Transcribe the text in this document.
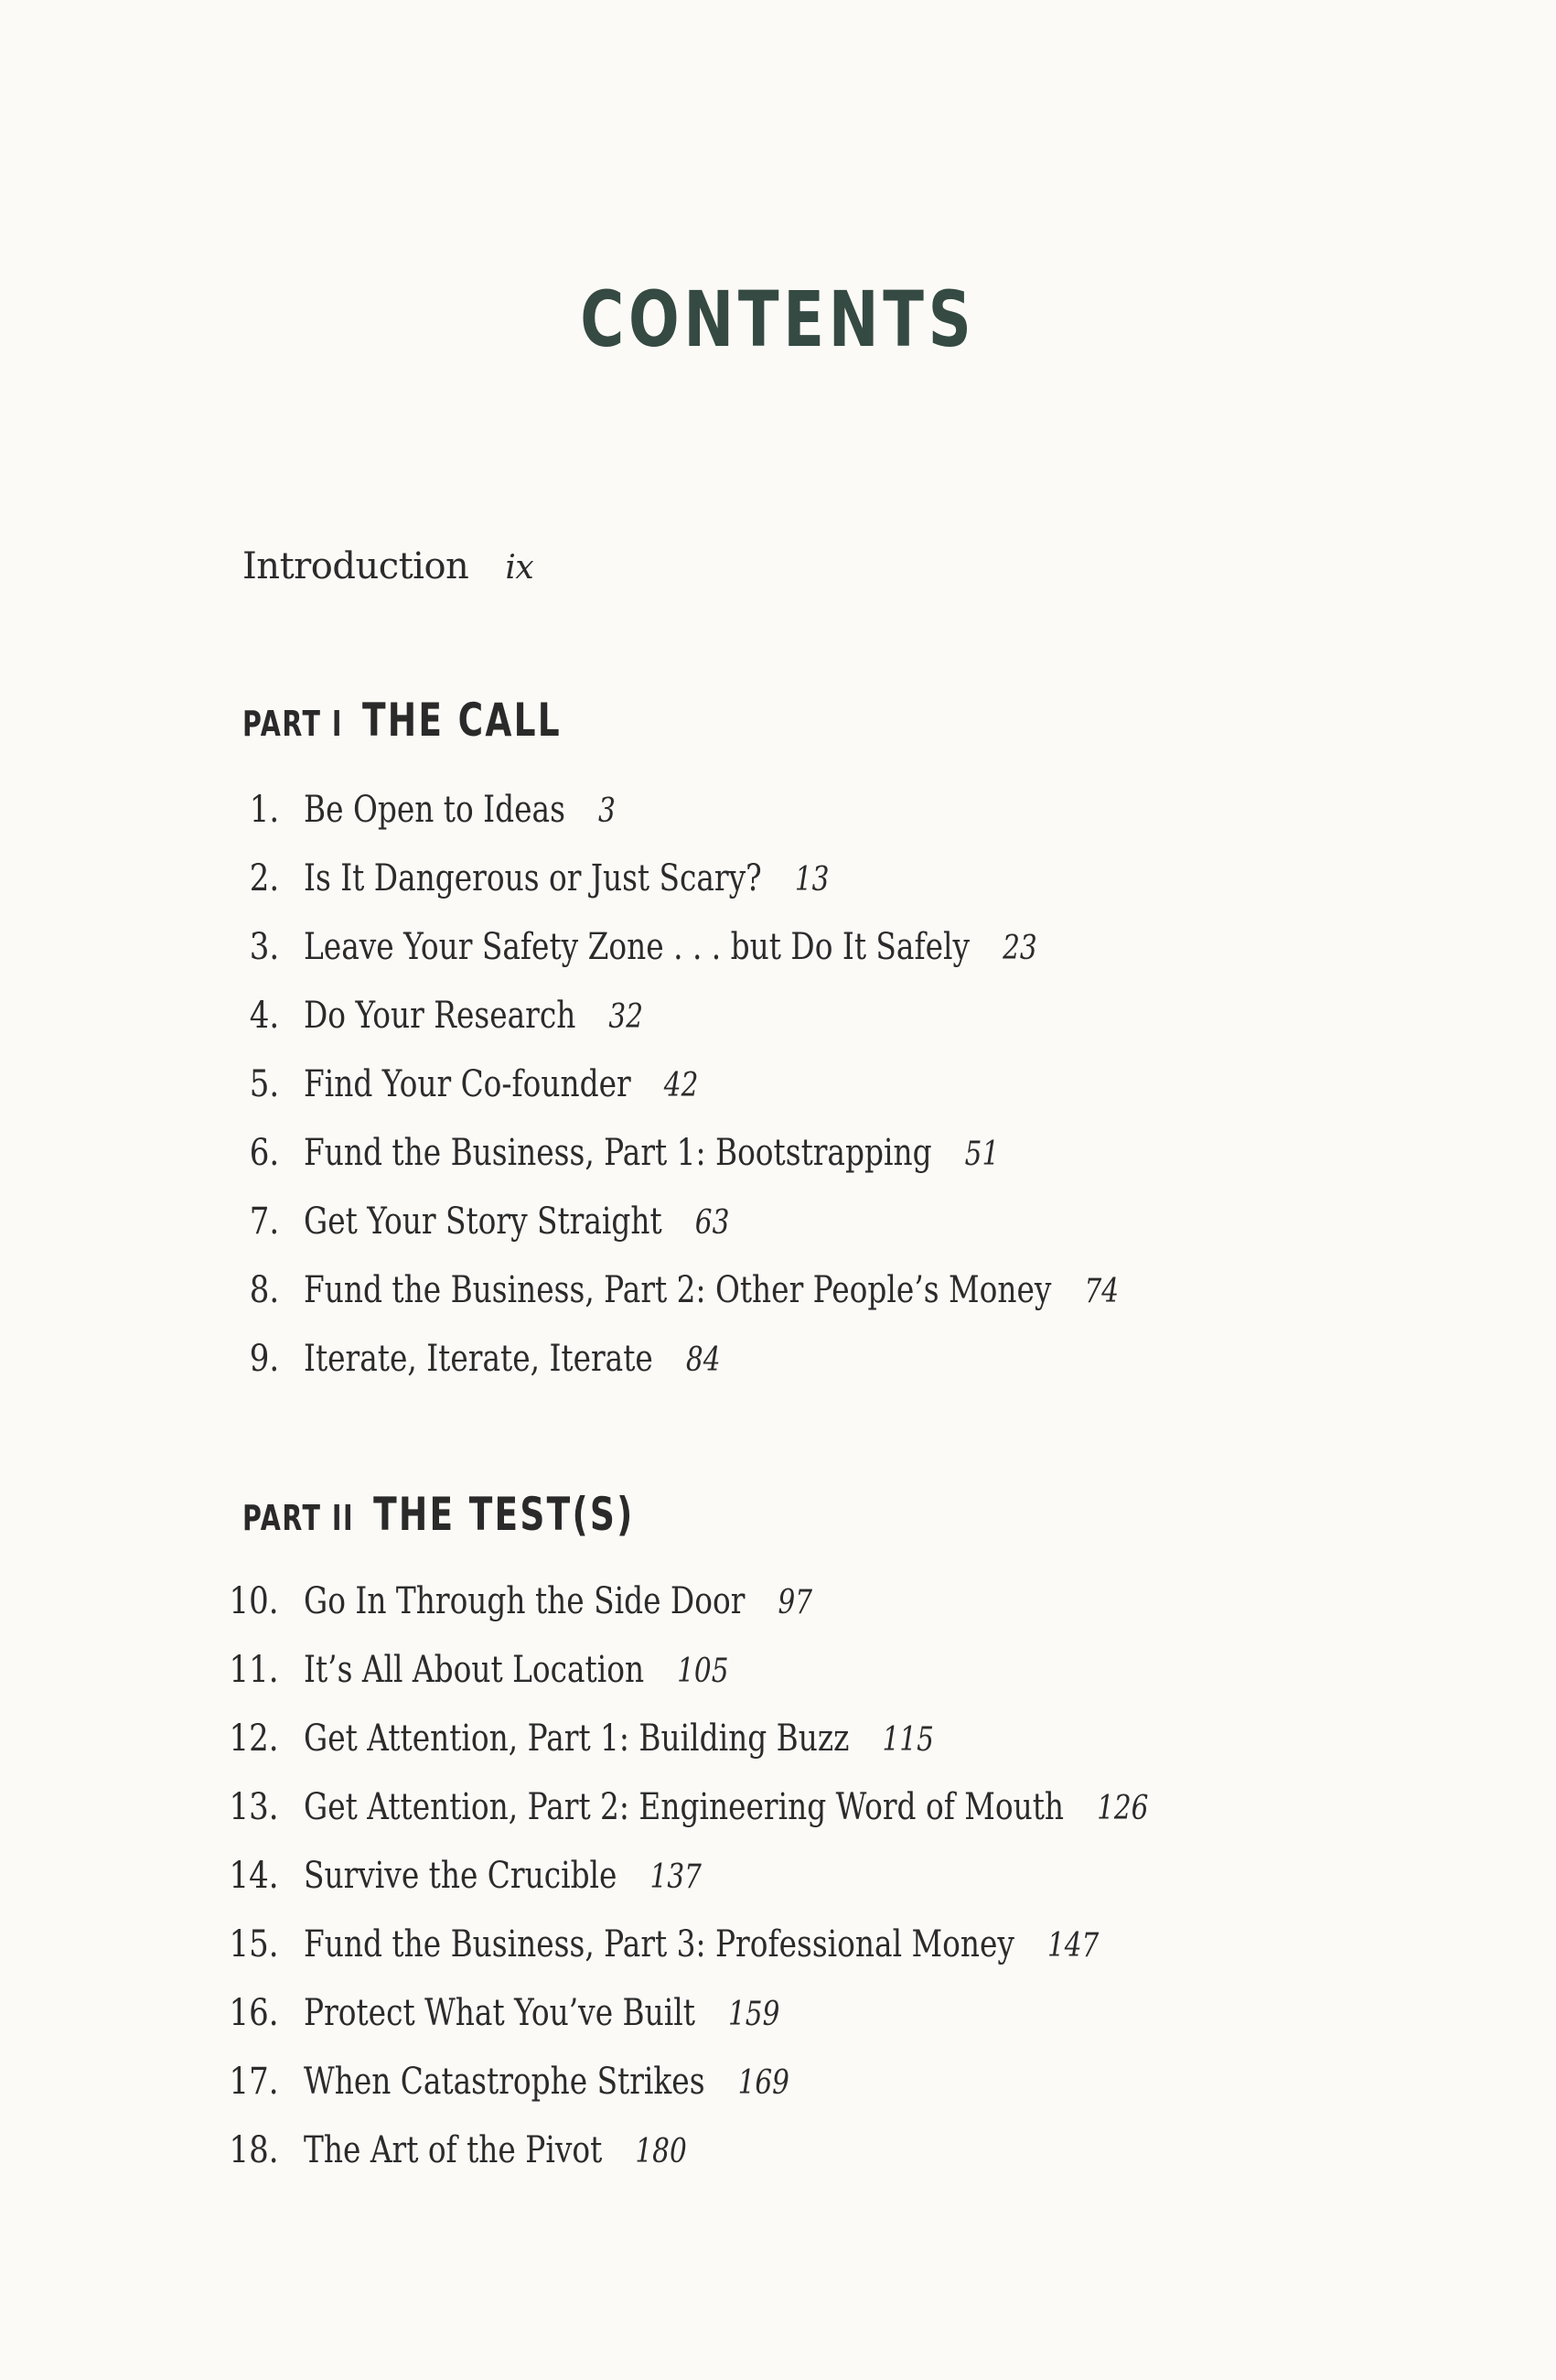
CONTENTS
Introduction ix
PART I THE CALL
1. Be Open to Ideas 3
2. Is It Dangerous or Just Scary? 13
3. Leave Your Safety Zone . . . but Do It Safely 23
4. Do Your Research 32
5. Find Your Co-founder 42
6. Fund the Business, Part 1: Bootstrapping 51
7. Get Your Story Straight 63
8. Fund the Business, Part 2: Other People’s Money 74
9. Iterate, Iterate, Iterate 84
PART II THE TEST(S)
10. Go In Through the Side Door 97
11. It’s All About Location 105
12. Get Attention, Part 1: Building Buzz 115
13. Get Attention, Part 2: Engineering Word of Mouth 126
14. Survive the Crucible 137
15. Fund the Business, Part 3: Professional Money 147
16. Protect What You’ve Built 159
17. When Catastrophe Strikes 169
18. The Art of the Pivot 180
